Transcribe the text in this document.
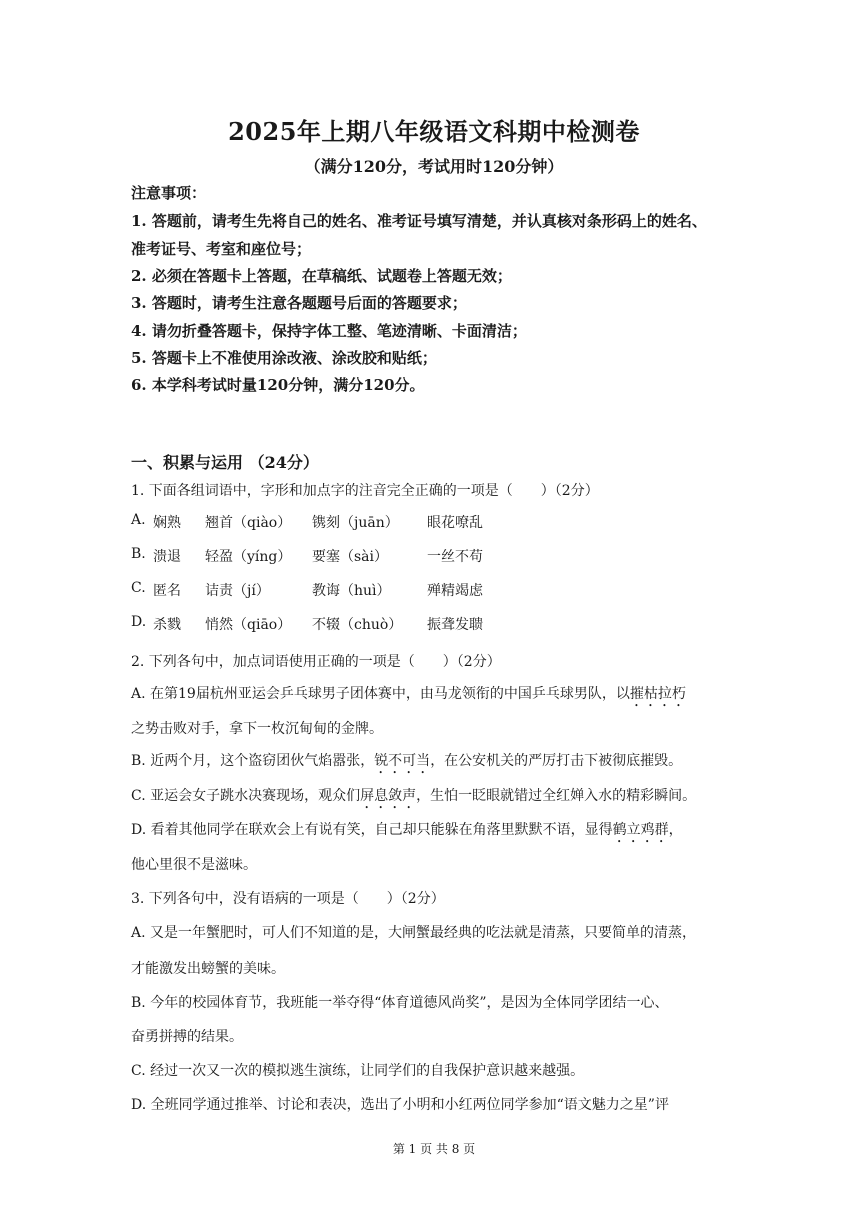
2025年上期八年级语文科期中检测卷
（满分120分，考试用时120分钟）
注意事项：
1. 答题前，请考生先将自己的姓名、准考证号填写清楚，并认真核对条形码上的姓名、
准考证号、考室和座位号；
2. 必须在答题卡上答题，在草稿纸、试题卷上答题无效；
3. 答题时，请考生注意各题题号后面的答题要求；
4. 请勿折叠答题卡，保持字体工整、笔迹清晰、卡面清洁；
5. 答题卡上不准使用涂改液、涂改胶和贴纸；
6. 本学科考试时量120分钟，满分120分。
一、积累与运用 （24分）
1. 下面各组词语中，字形和加点字的注音完全正确的一项是（　　）（2分）
A. 娴熟 翘首（qiào） 镌刻（juān） 眼花嘹乱
B. 溃退 轻盈（yíng） 要塞（sài）	一丝不苟
C. 匿名 诘责（jí）	教诲（huì）	殚精竭虑
D. 杀戮 悄然（qiāo） 不辍（chuò） 振聋发聩
2. 下列各句中，加点词语使用正确的一项是（　　）（2分）
A. 在第19届杭州亚运会乒乓球男子团体赛中，由马龙领衔的中国乒乓球男队，以摧枯拉朽
之势击败对手，拿下一枚沉甸甸的金牌。
B. 近两个月，这个盗窃团伙气焰嚣张，锐不可当，在公安机关的严厉打击下被彻底摧毁。
C. 亚运会女子跳水决赛现场，观众们屏息敛声，生怕一眨眼就错过全红婵入水的精彩瞬间。
D. 看着其他同学在联欢会上有说有笑，自己却只能躲在角落里默默不语，显得鹤立鸡群，
他心里很不是滋味。
3. 下列各句中，没有语病的一项是（　　）（2分）
A. 又是一年蟹肥时，可人们不知道的是，大闸蟹最经典的吃法就是清蒸，只要简单的清蒸，
才能激发出螃蟹的美味。
B. 今年的校园体育节，我班能一举夺得“体育道德风尚奖”，是因为全体同学团结一心、
奋勇拼搏的结果。
C. 经过一次又一次的模拟逃生演练，让同学们的自我保护意识越来越强。
D. 全班同学通过推举、讨论和表决，选出了小明和小红两位同学参加“语文魅力之星”评
第 1 页 共 8 页
